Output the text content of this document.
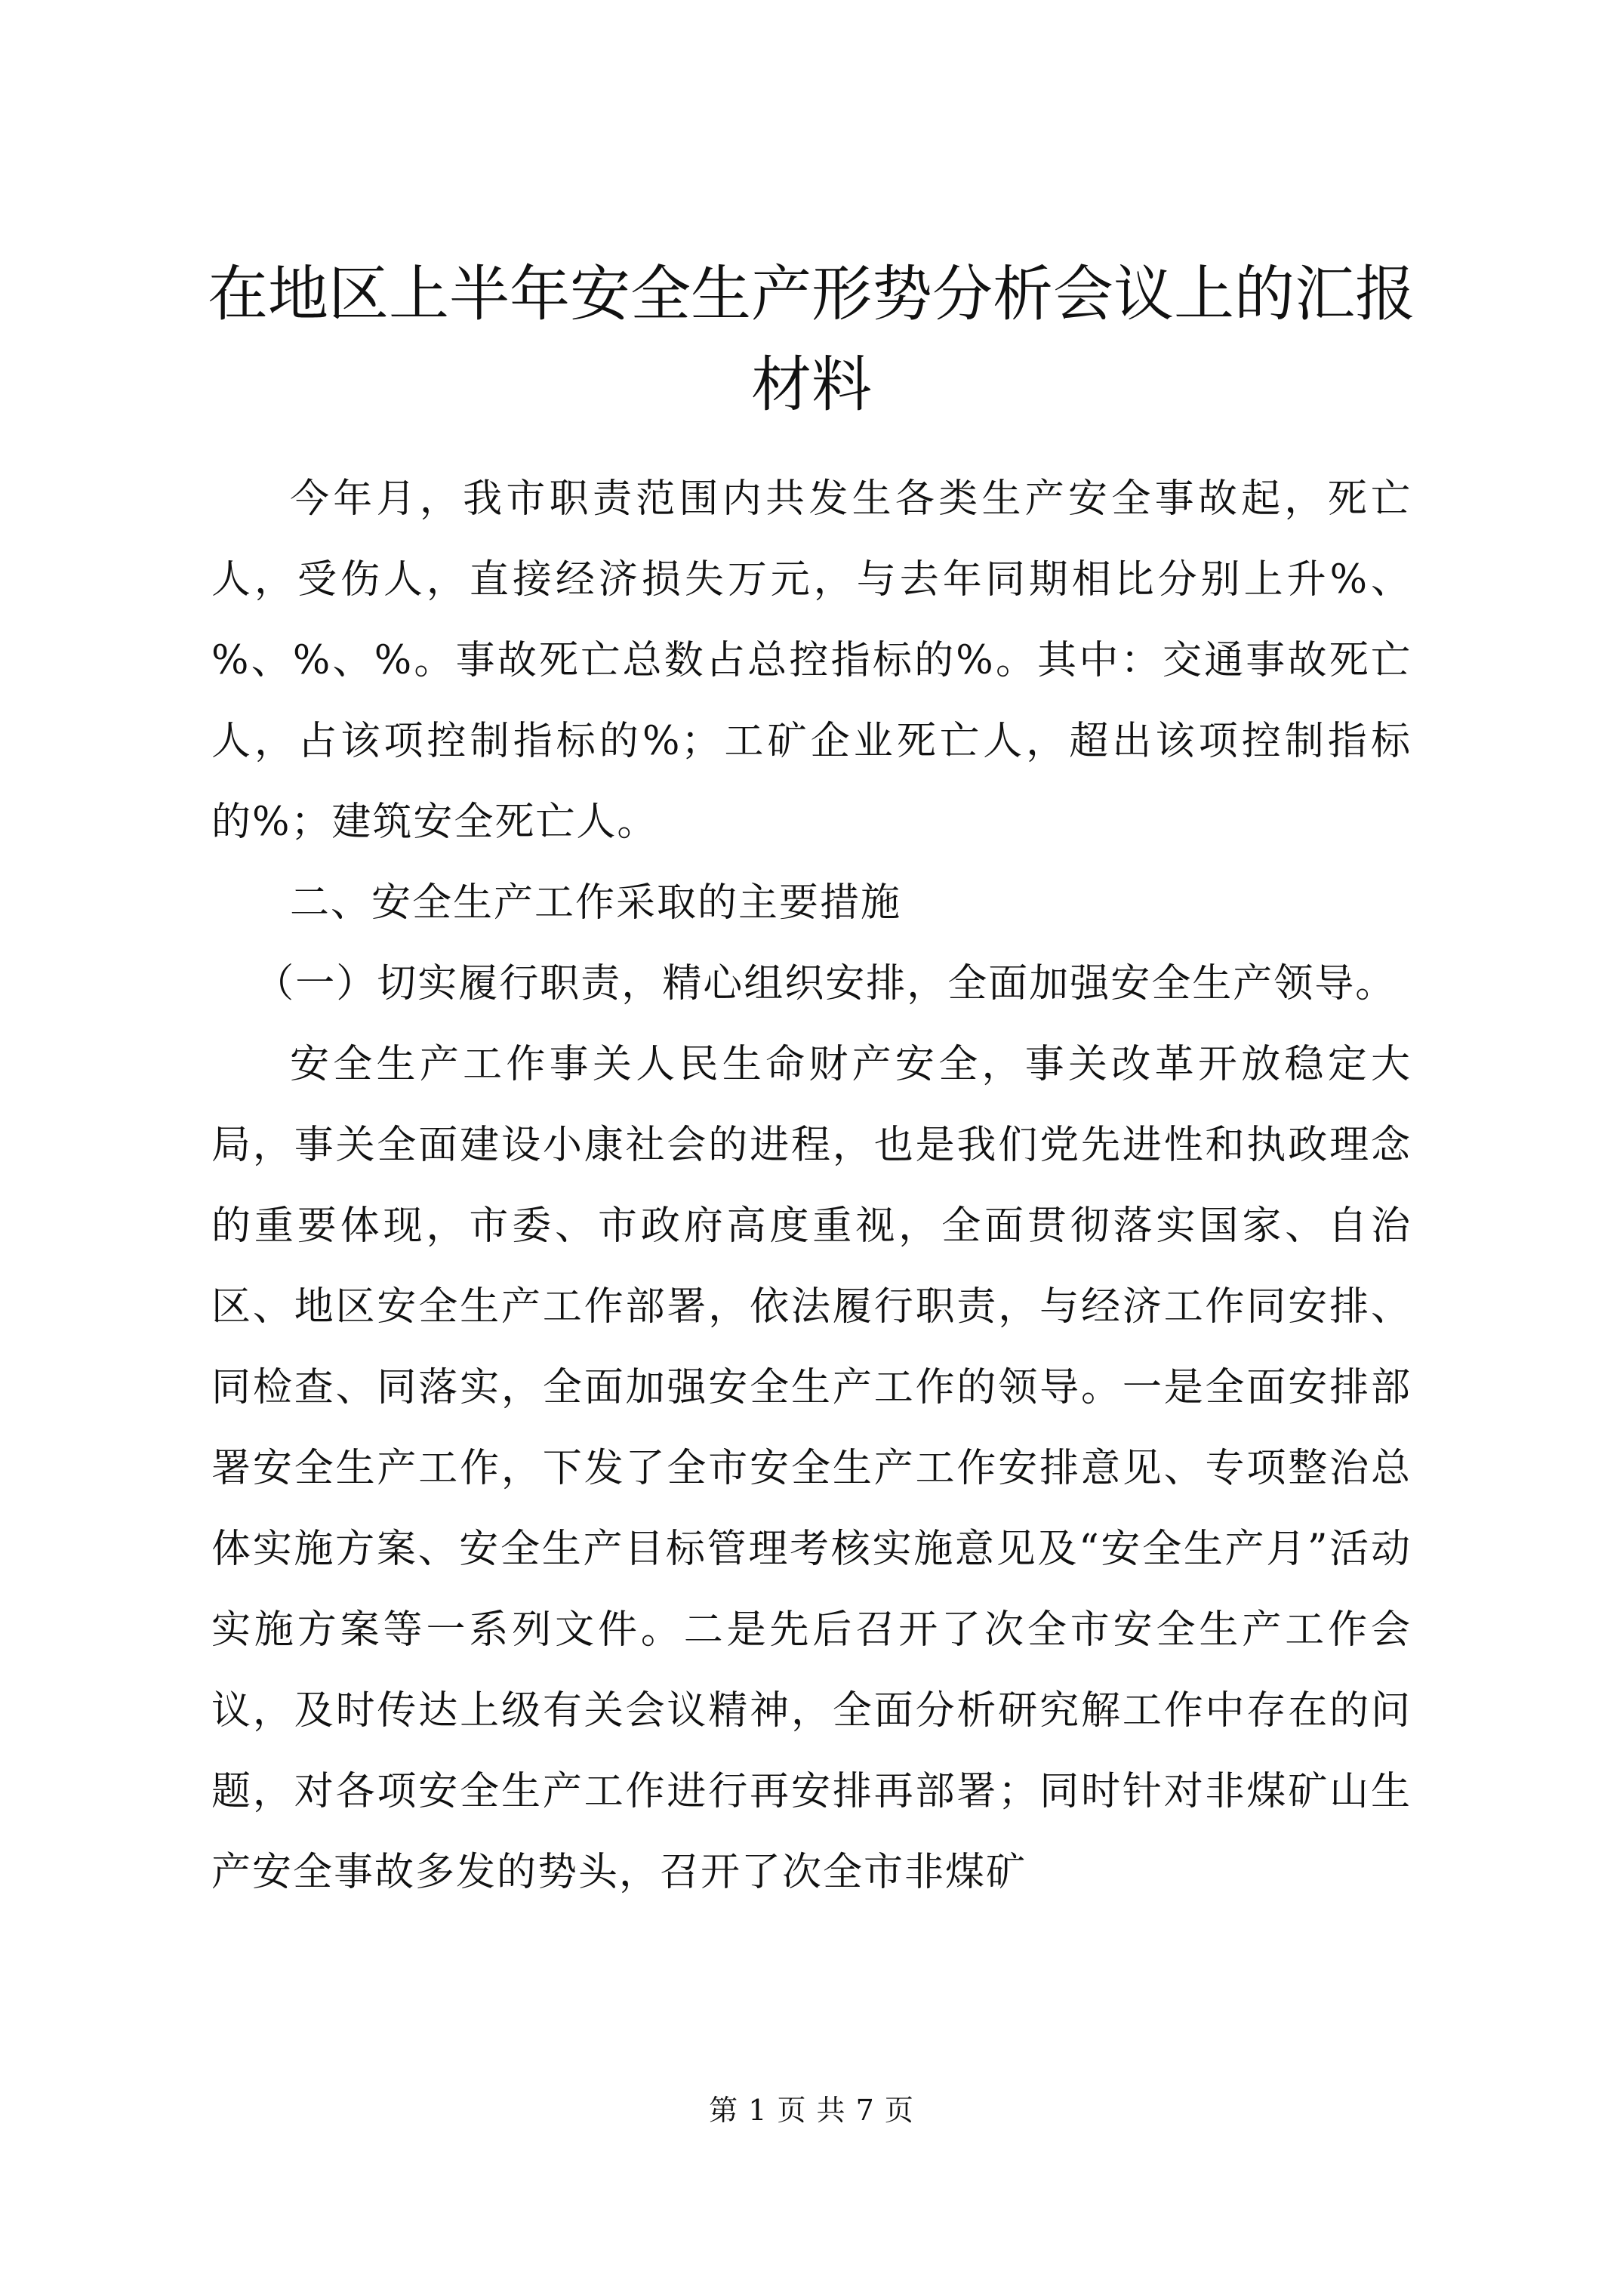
在地区上半年安全生产形势分析会议上的汇报材料

今年月，我市职责范围内共发生各类生产安全事故起，死亡人，受伤人，直接经济损失万元，与去年同期相比分别上升%、%、%、%。事故死亡总数占总控指标的%。其中：交通事故死亡人，占该项控制指标的%；工矿企业死亡人，超出该项控制指标的%；建筑安全死亡人。

二、安全生产工作采取的主要措施

（一）切实履行职责，精心组织安排，全面加强安全生产领导。

安全生产工作事关人民生命财产安全，事关改革开放稳定大局，事关全面建设小康社会的进程，也是我们党先进性和执政理念的重要体现，市委、市政府高度重视，全面贯彻落实国家、自治区、地区安全生产工作部署，依法履行职责，与经济工作同安排、同检查、同落实，全面加强安全生产工作的领导。一是全面安排部署安全生产工作，下发了全市安全生产工作安排意见、专项整治总体实施方案、安全生产目标管理考核实施意见及“安全生产月”活动实施方案等一系列文件。二是先后召开了次全市安全生产工作会议，及时传达上级有关会议精神，全面分析研究解工作中存在的问题，对各项安全生产工作进行再安排再部署；同时针对非煤矿山生产安全事故多发的势头，召开了次全市非煤矿

第 1 页 共 7 页
